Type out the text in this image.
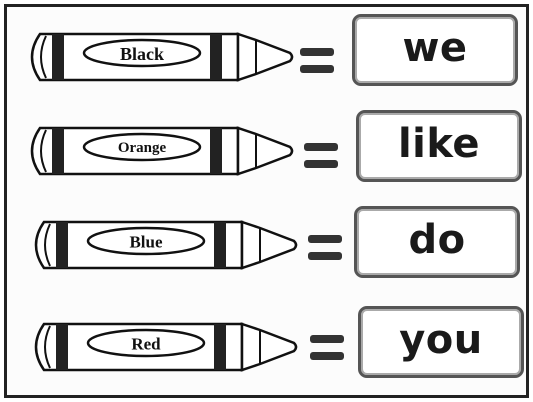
Black	we
Orange	like
Blue	do
Red	you
